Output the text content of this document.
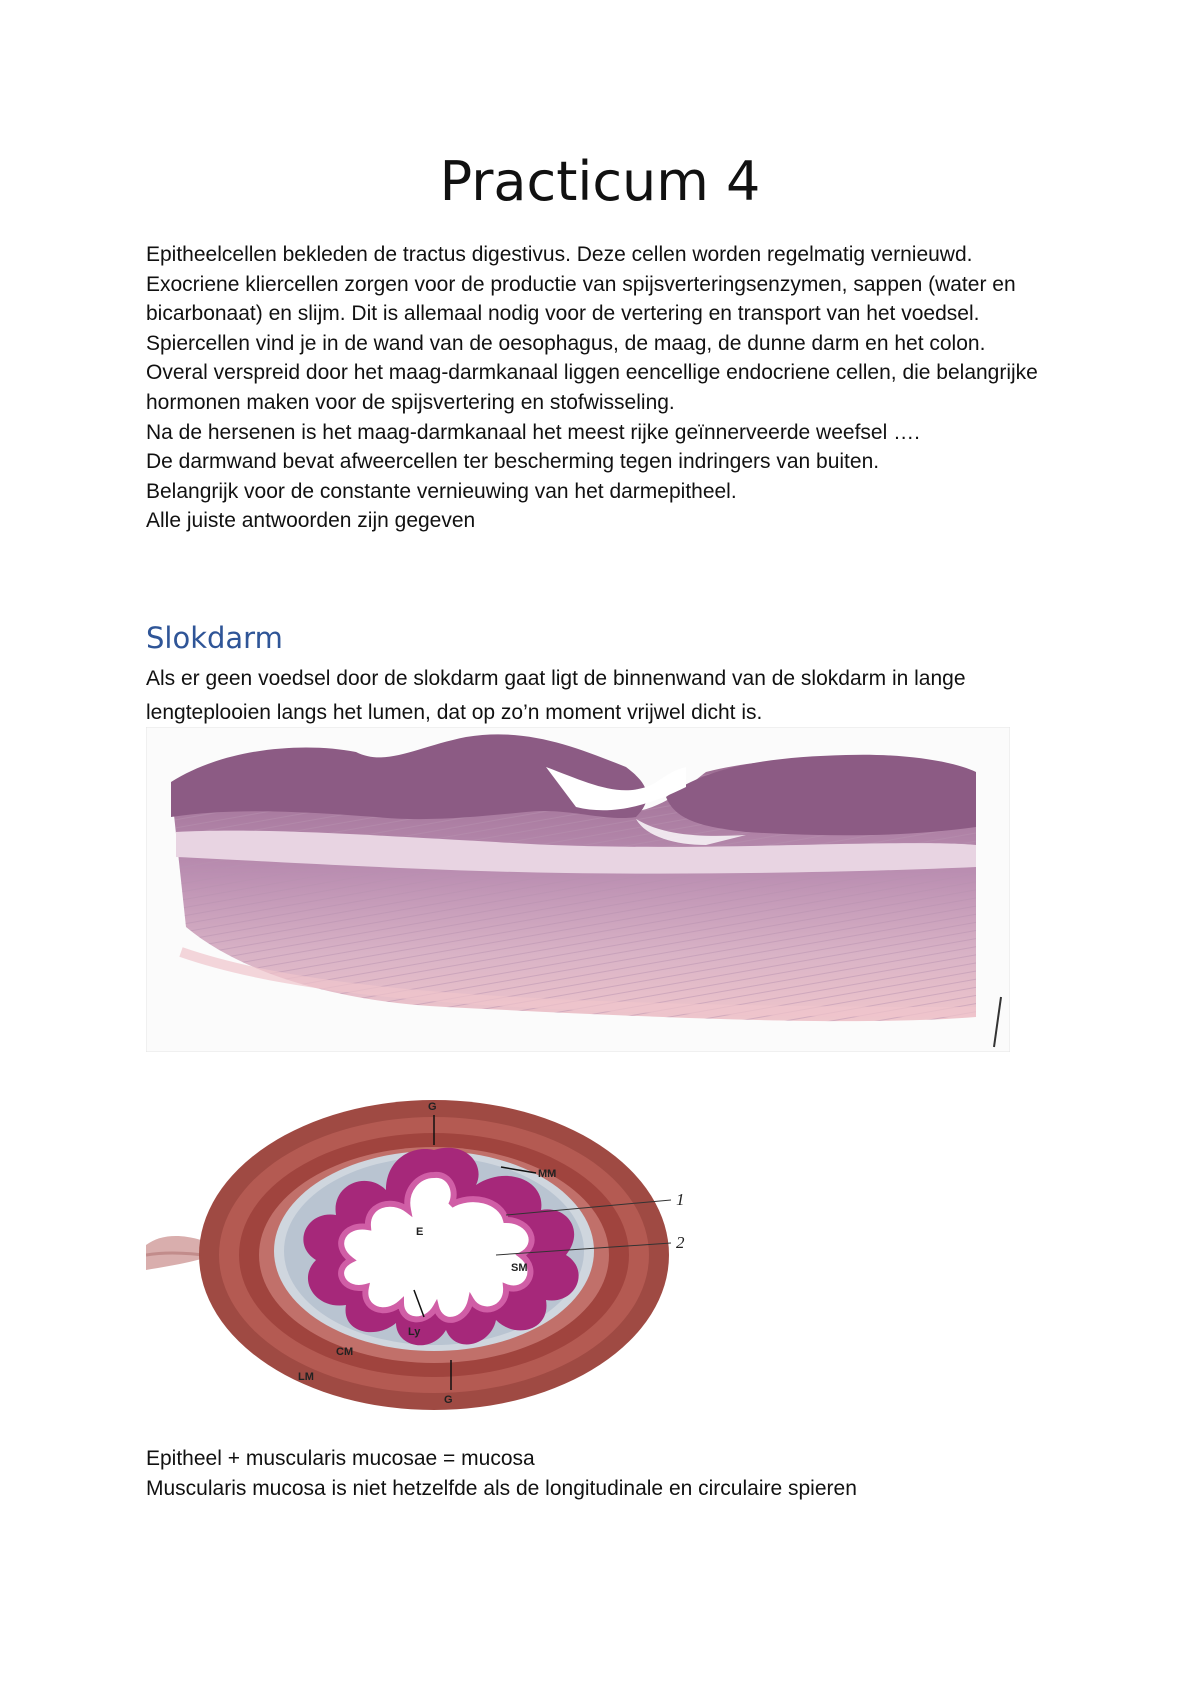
Practicum 4

Epitheelcellen bekleden de tractus digestivus. Deze cellen worden regelmatig vernieuwd.

Exocriene kliercellen zorgen voor de productie van spijsverteringsenzymen, sappen (water en bicarbonaat) en slijm. Dit is allemaal nodig voor de vertering en transport van het voedsel.

Spiercellen vind je in de wand van de oesophagus, de maag, de dunne darm en het colon.

Overal verspreid door het maag-darmkanaal liggen eencellige endocriene cellen, die belangrijke hormonen maken voor de spijsvertering en stofwisseling.

Na de hersenen is het maag-darmkanaal het meest rijke geïnnerveerde weefsel ….

De darmwand bevat afweercellen ter bescherming tegen indringers van buiten.

Belangrijk voor de constante vernieuwing van het darmepitheel.

Alle juiste antwoorden zijn gegeven

Slokdarm

Als er geen voedsel door de slokdarm gaat ligt de binnenwand van de slokdarm in lange lengteplooien langs het lumen, dat op zo’n moment vrijwel dicht is.

G
MM
E
SM
Ly
CM
LM
G
1
2

Epitheel + muscularis mucosae = mucosa

Muscularis mucosa is niet hetzelfde als de longitudinale en circulaire spieren
